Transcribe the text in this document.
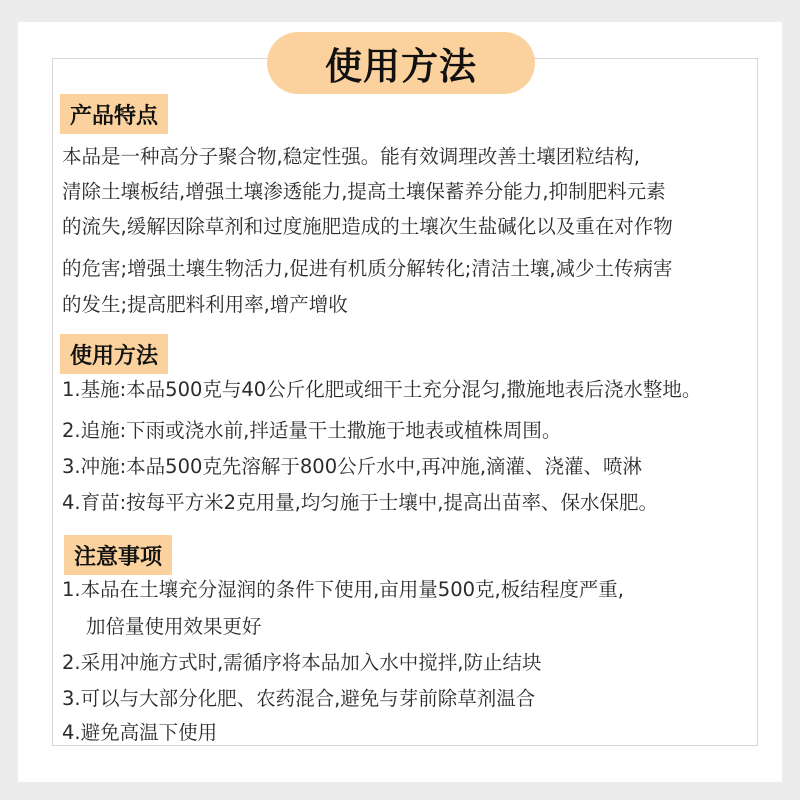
使用方法
产品特点
本品是一种高分子聚合物,稳定性强。能有效调理改善土壤团粒结构,
清除土壤板结,增强土壤渗透能力,提高土壤保蓄养分能力,抑制肥料元素
的流失,缓解因除草剂和过度施肥造成的土壤次生盐碱化以及重在对作物
的危害;增强土壤生物活力,促进有机质分解转化;清洁土壤,减少土传病害
的发生;提高肥料利用率,增产增收
使用方法
1.基施:本品500克与40公斤化肥或细干土充分混匀,撒施地表后浇水整地。
2.追施:下雨或浇水前,拌适量干土撒施于地表或植株周围。
3.冲施:本品500克先溶解于800公斤水中,再冲施,滴灌、浇灌、喷淋
4.育苗:按每平方米2克用量,均匀施于士壤中,提高出苗率、保水保肥。
注意事项
1.本品在土壤充分湿润的条件下使用,亩用量500克,板结程度严重,
加倍量使用效果更好
2.采用冲施方式时,需循序将本品加入水中搅拌,防止结块
3.可以与大部分化肥、农药混合,避免与芽前除草剂温合
4.避免高温下使用
